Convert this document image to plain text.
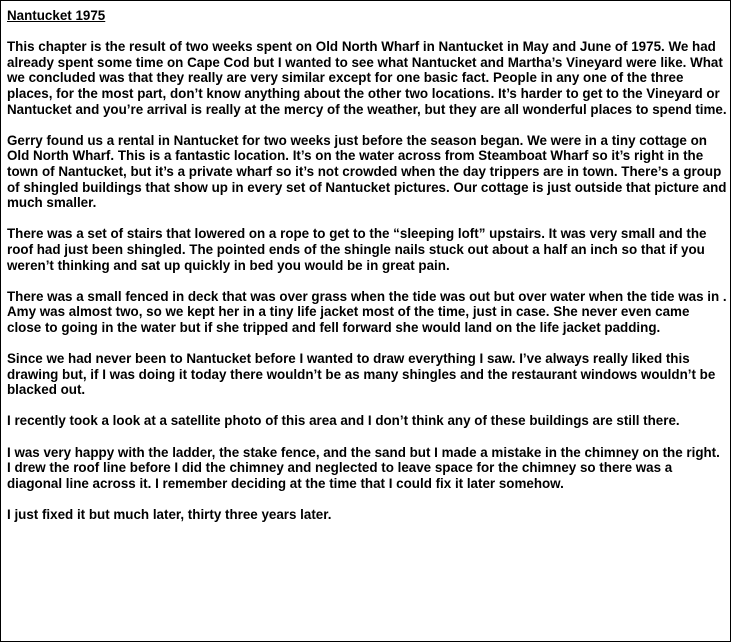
Nantucket 1975

This chapter is the result of two weeks spent on Old North Wharf in Nantucket in May and June of 1975. We had already spent some time on Cape Cod but I wanted to see what Nantucket and Martha’s Vineyard were like. What we concluded was that they really are very similar except for one basic fact. People in any one of the three places, for the most part, don’t know anything about the other two locations. It’s harder to get to the Vineyard or Nantucket and you’re arrival is really at the mercy of the weather, but they are all wonderful places to spend time.

Gerry found us a rental in Nantucket for two weeks just before the season began. We were in a tiny cottage on Old North Wharf. This is a fantastic location. It’s on the water across from Steamboat Wharf so it’s right in the town of Nantucket, but it’s a private wharf so it’s not crowded when the day trippers are in town. There’s a group of shingled buildings that show up in every set of Nantucket pictures. Our cottage is just outside that picture and much smaller.

There was a set of stairs that lowered on a rope to get to the “sleeping loft” upstairs. It was very small and the roof had just been shingled. The pointed ends of the shingle nails stuck out about a half an inch so that if you weren’t thinking and sat up quickly in bed you would be in great pain.

There was a small fenced in deck that was over grass when the tide was out but over water when the tide was in . Amy was almost two, so we kept her in a tiny life jacket most of the time, just in case. She never even came close to going in the water but if she tripped and fell forward she would land on the life jacket padding.

Since we had never been to Nantucket before I wanted to draw everything I saw. I’ve always really liked this drawing but, if I was doing it today there wouldn’t be as many shingles and the restaurant windows wouldn’t be blacked out.

I recently took a look at a satellite photo of this area and I don’t think any of these buildings are still there.

I was very happy with the ladder, the stake fence, and the sand but I made a mistake in the chimney on the right. I drew the roof line before I did the chimney and neglected to leave space for the chimney so there was a diagonal line across it. I remember deciding at the time that I could fix it later somehow.

I just fixed it but much later, thirty three years later.
